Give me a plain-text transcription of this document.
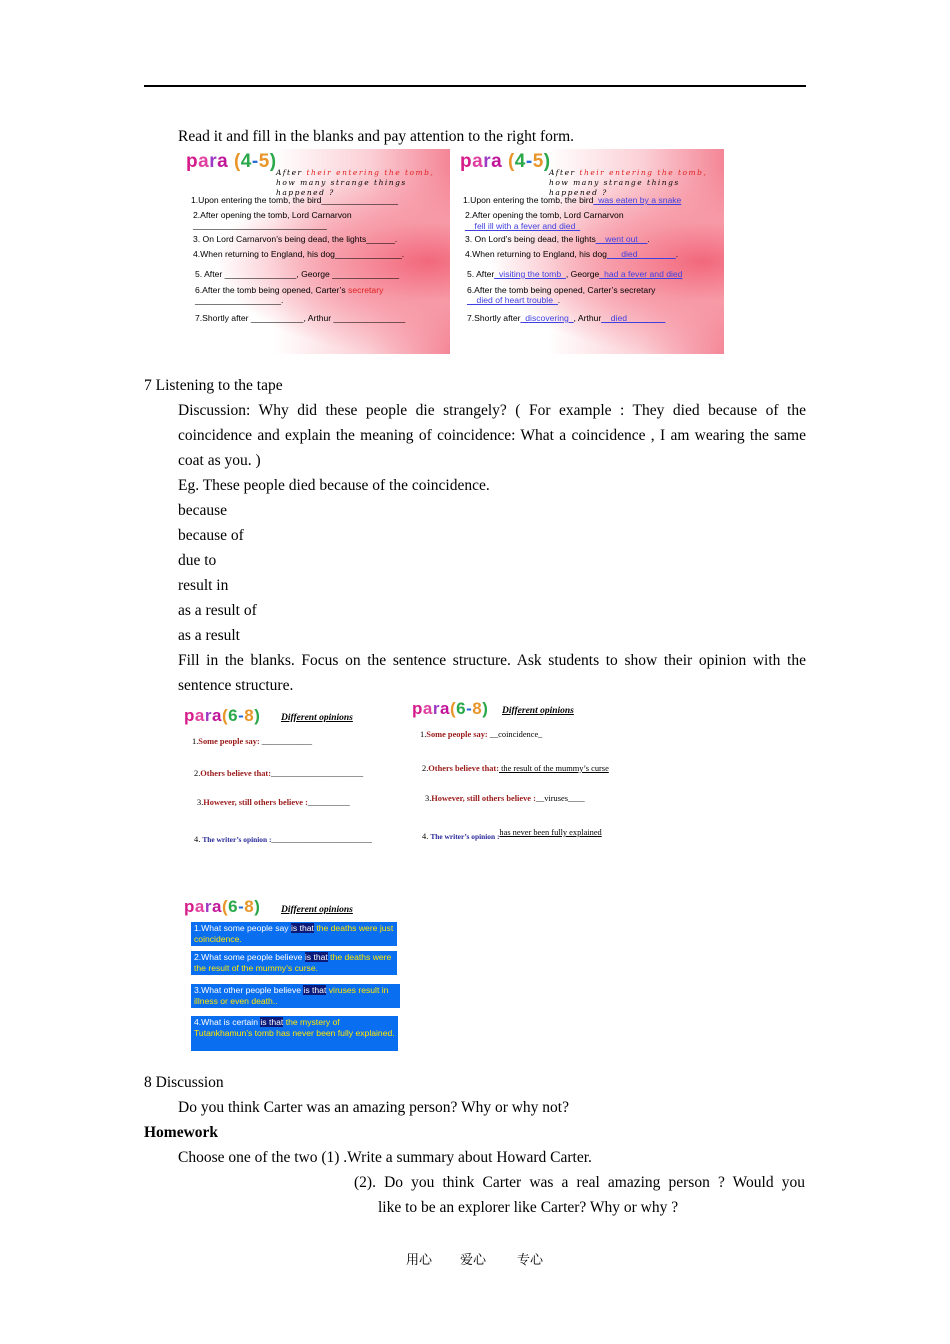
Read it and fill in the blanks and pay attention to the right form.
para (4-5)
After their entering the tomb,
how many strange things happened ?
1.Upon entering the tomb, the bird________________
2.After opening the tomb, Lord Carnarvon
____________________________
3. On Lord Carnarvon’s being dead, the lights______.
4.When returning to England, his dog______________.
5. After _______________, George ______________
6.After the tomb being opened, Carter’s secretary
__________________.
7.Shortly after ___________, Arthur _______________
para (4-5)
After their entering the tomb,
how many strange things happened ?
1.Upon entering the tomb, the bird_was eaten by a snake
2.After opening the tomb, Lord Carnarvon
__fell ill with a fever and died_
3. On Lord’s being dead, the lights__went out__.
4.When returning to England, his dog___died________.
5. After_visiting the tomb_, George_had a fever and died
6.After the tomb being opened, Carter’s secretary
__died of heart trouble_.
7.Shortly after_discovering_, Arthur__died________
7 Listening to the tape
Discussion: Why did these people die strangely? ( For example : They died because of the coincidence and explain the meaning of coincidence: What a coincidence , I am wearing the same coat as you. )
Eg. These people died because of the coincidence.
because
because of
due to
result in
as a result of
as a result
Fill in the blanks. Focus on the sentence structure. Ask students to show their opinion with the sentence structure.
para(6-8) Different opinions
1.Some people say: ____________
2.Others believe that:______________________
3.However, still others believe :__________
4. The writer’s opinion :________________________
para(6-8) Different opinions
1.Some people say: __coincidence_
2.Others believe that: the result of the mummy’s curse
3.However, still others believe :__viruses____
4. The writer’s opinion :has never been fully explained
para(6-8) Different opinions
1.What some people say is that the deaths were just coincidence.
2.What some people believe is that the deaths were the result of the mummy’s curse.
3.What other people believe is that viruses result in illness or even death..
4.What is certain is that the mystery of Tutankhamun’s tomb has never been fully explained.
8 Discussion
Do you think Carter was an amazing person? Why or why not?
Homework
Choose one of the two (1) .Write a summary about Howard Carter.
(2). Do you think Carter was a real amazing person ? Would you
like to be an explorer like Carter? Why or why ?
用心 爱心 专心
